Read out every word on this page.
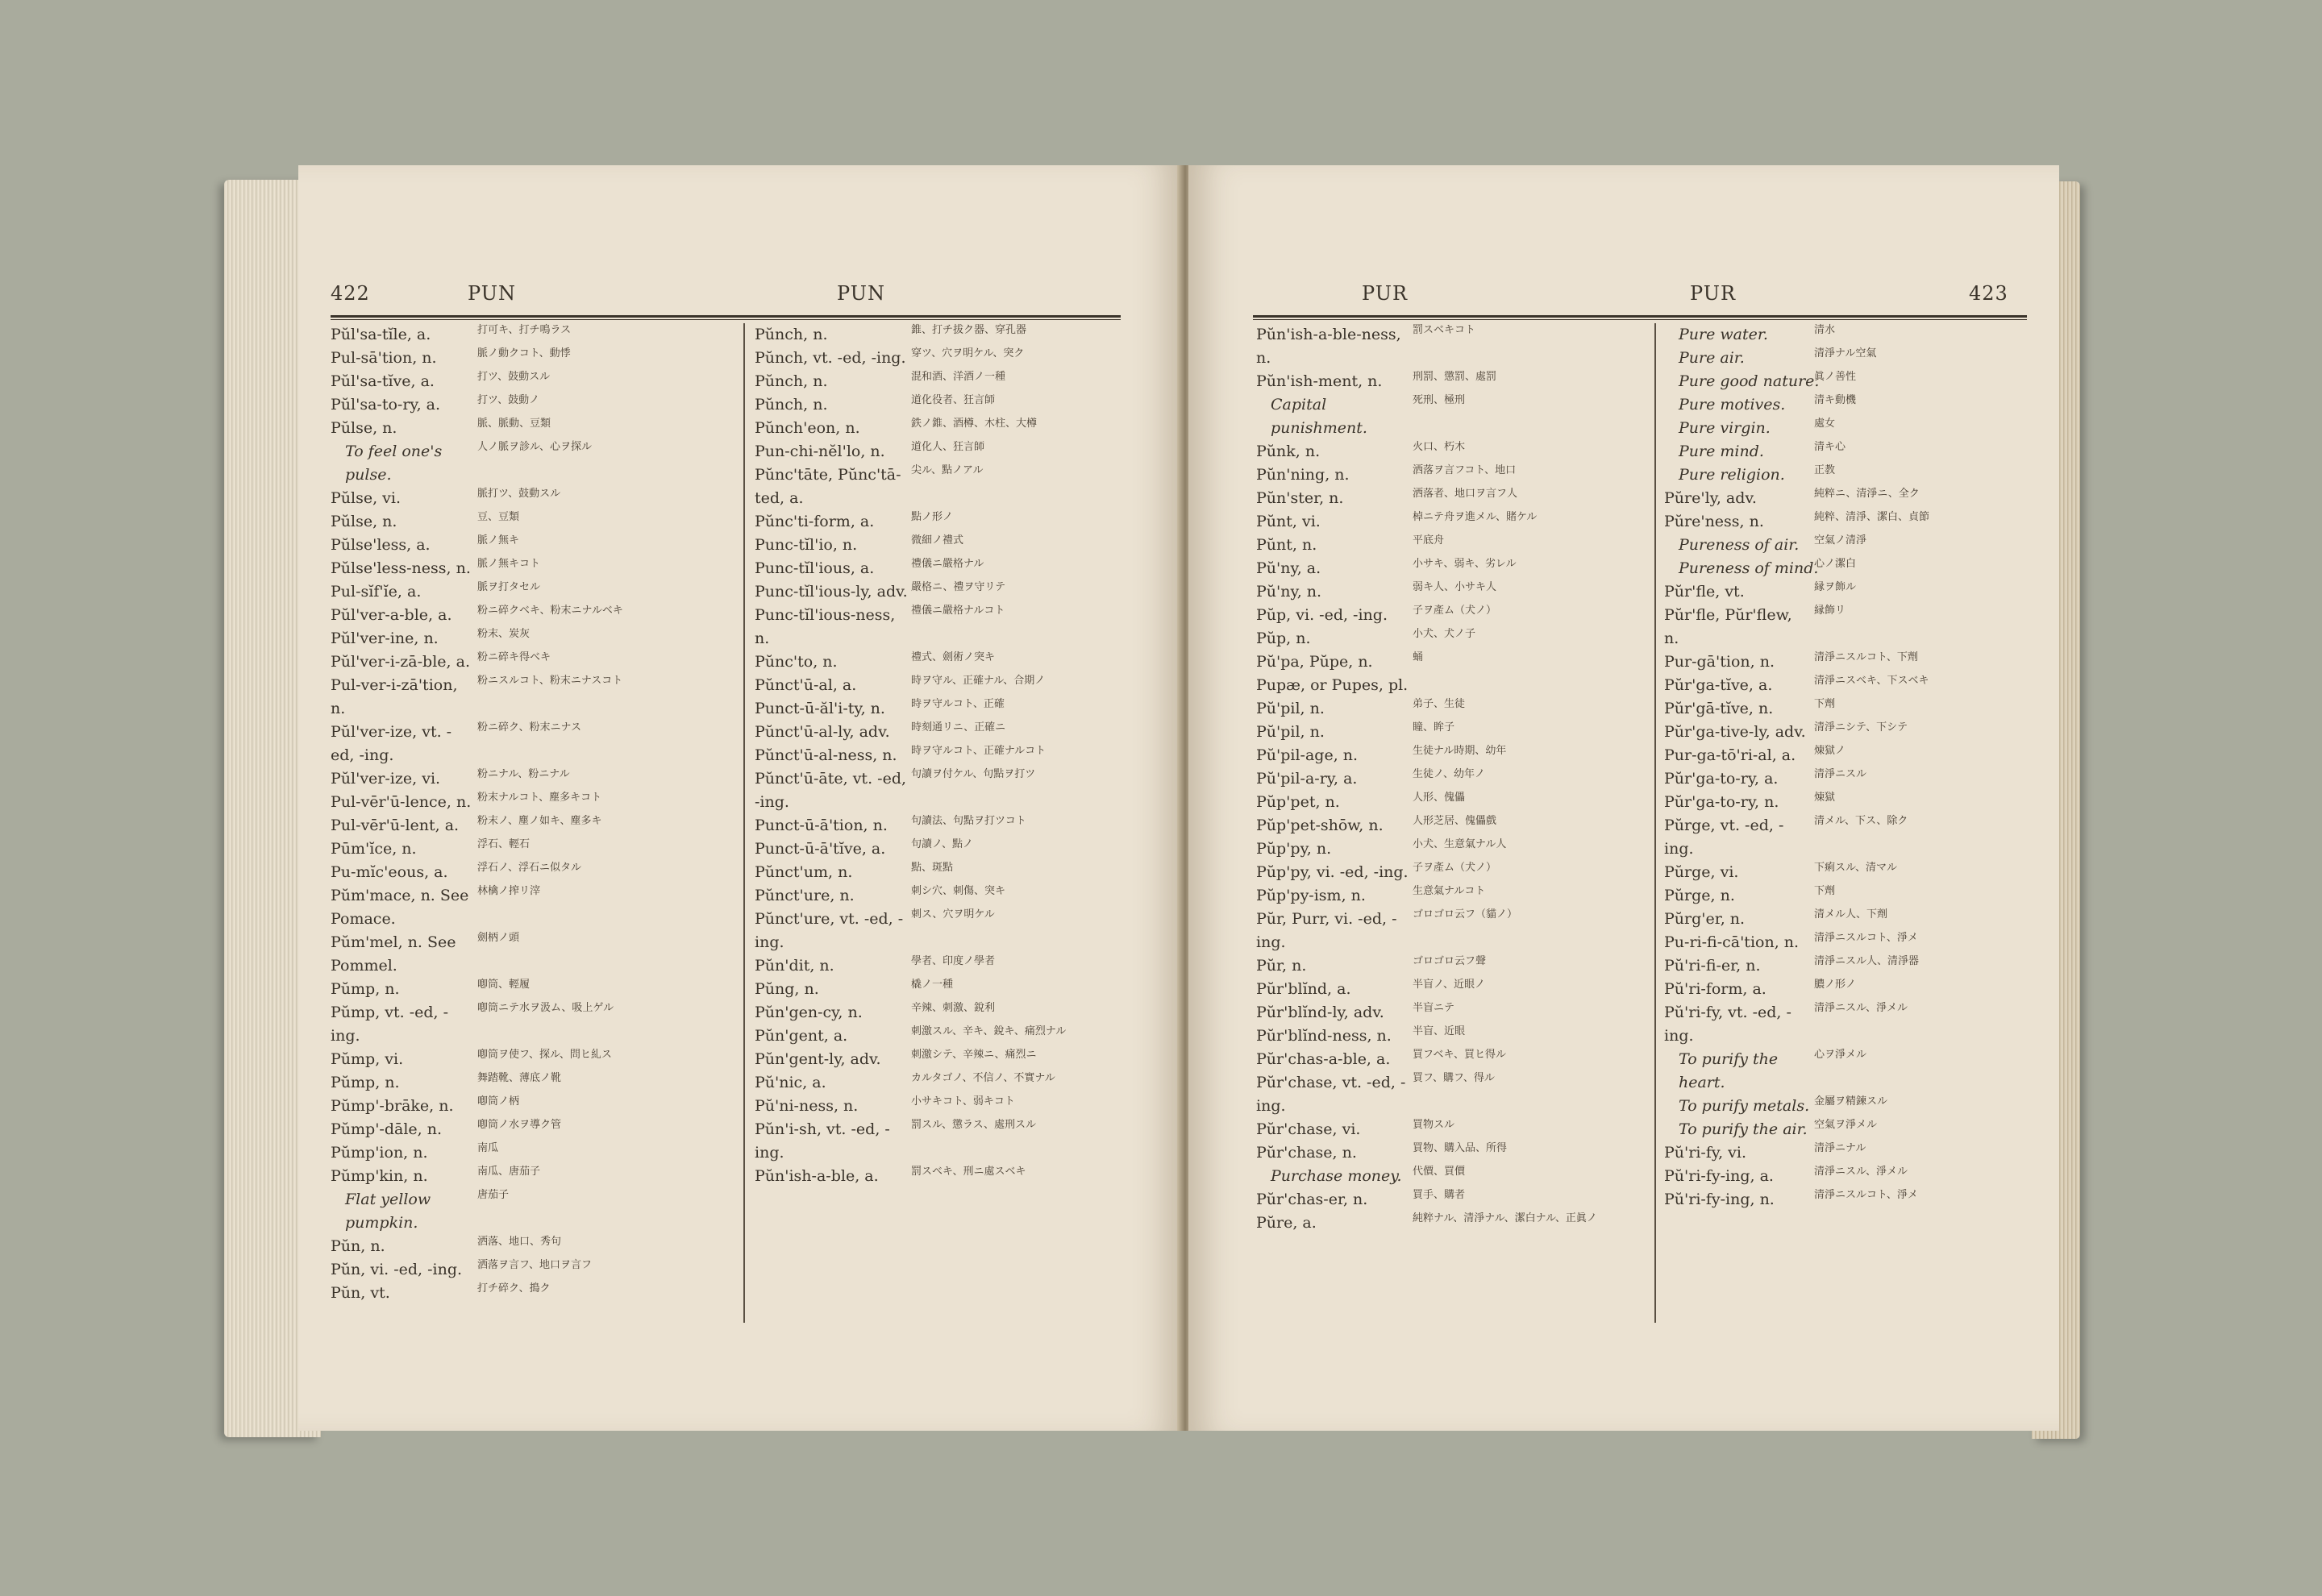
422	PUN	PUN
Pŭl'sa-tĭle, a.	打可キ、打チ鳴ラス
Pul-sā'tion, n.	脈ノ動クコト、動悸
Pŭl'sa-tĭve, a.	打ツ、鼓動スル
Pŭl'sa-to-ry, a.	打ツ、鼓動ノ
Pŭlse, n.	脈、脈動、豆類
To feel one's pulse.
人ノ脈ヲ診ル、心ヲ探ル
Pŭlse, vi.	脈打ツ、鼓動スル
Pŭlse, n.	豆、豆類
Pŭlse'less, a.	脈ノ無キ
Pŭlse'less-ness, n. 脈ノ無キコト
Pul-sĭf'ĭe, a.	脈ヲ打タセル
Pŭl'ver-a-ble, a. 粉ニ碎クベキ、粉末ニナルベキ
Pŭl'ver-ine, n.	粉末、炭灰
Pŭl'ver-i-zā-ble, a. 粉ニ碎キ得ベキ
Pul-ver-i-zā'tion, n.
粉ニスルコト、粉末ニナスコト
Pŭl'ver-ize, vt. -ed, -ing.
粉ニ碎ク、粉末ニナス
Pŭl'ver-ize, vi.	粉ニナル、粉ニナル
Pul-vēr'ū-lence, n. 粉末ナルコト、塵多キコト
Pul-vēr'ū-lent, a. 粉末ノ、塵ノ如キ、塵多キ
Pūm'ĭce, n.	浮石、輕石
Pu-mĭc'eous, a.	浮石ノ、浮石ニ似タル
Pŭm'mace, n. See Pomace.
林檎ノ搾リ滓
Pŭm'mel, n. See Pommel.
劍柄ノ頭
Pŭmp, n.	喞筒、輕履
Pŭmp, vt. -ed, -ing.
喞筒ニテ水ヲ汲ム、吸上ゲル
Pŭmp, vi.	喞筒ヲ使フ、探ル、問ヒ糺ス
Pŭmp, n.	舞踏靴、薄底ノ靴
Pŭmp'-brāke, n. 喞筒ノ柄
Pŭmp'-dāle, n.	喞筒ノ水ヲ導ク管
Pŭmp'ion, n.	南瓜
Pŭmp'kin, n.	南瓜、唐茄子
Flat yellow pumpkin.
唐茄子
Pŭn, n.	洒落、地口、秀句
Pŭn, vi. -ed, -ing. 洒落ヲ言フ、地口ヲ言フ
Pŭn, vt.	打チ碎ク、搗ク
Pŭnch, n.	錐、打チ拔ク器、穿孔器
Pŭnch, vt. -ed, -ing. 穿ツ、穴ヲ明ケル、突ク
Pŭnch, n.	混和酒、洋酒ノ一種
Pŭnch, n.	道化役者、狂言師
Pŭnch'eon, n.	鉄ノ錐、酒樽、木柱、大樽
Pun-chi-nĕl'lo, n. 道化人、狂言師
Pŭnc'tāte, Pŭnc'tā-ted, a.
尖ル、點ノアル
Pŭnc'ti-form, a.	點ノ形ノ
Punc-tĭl'io, n.	微細ノ禮式
Punc-tĭl'ious, a.	禮儀ニ嚴格ナル
Punc-tĭl'ious-ly, adv. 嚴格ニ、禮ヲ守リテ
Punc-tĭl'ious-ness, n.
禮儀ニ嚴格ナルコト
Pŭnc'to, n.	禮式、劍術ノ突キ
Pŭnct'ū-al, a.	時ヲ守ル、正確ナル、合期ノ
Punct-ū-ăl'i-ty, n. 時ヲ守ルコト、正確
Pŭnct'ū-al-ly, adv. 時刻通リニ、正確ニ
Pŭnct'ū-al-ness, n. 時ヲ守ルコト、正確ナルコト
Pŭnct'ū-āte, vt. -ed, -ing.
句讀ヲ付ケル、句點ヲ打ツ
Punct-ū-ā'tion, n. 句讀法、句點ヲ打ツコト
Punct-ū-ā'tĭve, a. 句讀ノ、點ノ
Pŭnct'um, n.	點、斑點
Pŭnct'ure, n.	刺シ穴、刺傷、突キ
Pŭnct'ure, vt. -ed, -ing.
刺ス、穴ヲ明ケル
Pŭn'dit, n.	學者、印度ノ學者
Pŭng, n.	橇ノ一種
Pŭn'gen-cy, n.	辛辣、刺激、銳利
Pŭn'gent, a.	刺激スル、辛キ、銳キ、痛烈ナル
Pŭn'gent-ly, adv.	刺激シテ、辛辣ニ、痛烈ニ
Pŭ'nic, a.	カルタゴノ、不信ノ、不實ナル
Pŭ'ni-ness, n.	小サキコト、弱キコト
Pŭn'i-sh, vt. -ed, -ing.
罰スル、懲ラス、處刑スル
Pŭn'ish-a-ble, a.	罰スベキ、刑ニ處スベキ
PUR	PUR	423
Pŭn'ish-a-ble-ness, n.
罰スベキコト
Pŭn'ish-ment, n.	刑罰、懲罰、處罰
Capital punishment.
死刑、極刑
Pŭnk, n.	火口、朽木
Pŭn'ning, n.	洒落ヲ言フコト、地口
Pŭn'ster, n.	洒落者、地口ヲ言フ人
Pŭnt, vi.	棹ニテ舟ヲ進メル、賭ケル
Pŭnt, n.	平底舟
Pŭ'ny, a.	小サキ、弱キ、劣レル
Pŭ'ny, n.	弱キ人、小サキ人
Pŭp, vi. -ed, -ing. 子ヲ產ム（犬ノ）
Pŭp, n.	小犬、犬ノ子
Pŭ'pa, Pŭpe, n. Pupæ, or Pupes, pl.
蛹
Pŭ'pil, n.	弟子、生徒
Pŭ'pil, n.	瞳、眸子
Pŭ'pil-age, n.	生徒ナル時期、幼年
Pŭ'pil-a-ry, a.	生徒ノ、幼年ノ
Pŭp'pet, n.	人形、傀儡
Pŭp'pet-shōw, n.	人形芝居、傀儡戲
Pŭp'py, n.	小犬、生意氣ナル人
Pŭp'py, vi. -ed, -ing. 子ヲ產ム（犬ノ）
Pŭp'py-ism, n.	生意氣ナルコト
Pŭr, Purr, vi. -ed, -ing.
ゴロゴロ云フ（貓ノ）
Pŭr, n.	ゴロゴロ云フ聲
Pŭr'blĭnd, a.	半盲ノ、近眼ノ
Pŭr'blĭnd-ly, adv.	半盲ニテ
Pŭr'blĭnd-ness, n. 半盲、近眼
Pŭr'chas-a-ble, a. 買フベキ、買ヒ得ル
Pŭr'chase, vt. -ed, -ing.
買フ、購フ、得ル
Pŭr'chase, vi.	買物スル
Pŭr'chase, n.	買物、購入品、所得
Purchase money. 代價、買價
Pŭr'chas-er, n.	買手、購者
Pŭre, a.	純粹ナル、清淨ナル、潔白ナル、正眞ノ
Pure water.	清水
Pure air.	清淨ナル空氣
Pure good nature.
眞ノ善性
Pure motives.	清キ動機
Pure virgin.	處女
Pure mind.	清キ心
Pure religion.	正教
Pŭre'ly, adv.	純粹ニ、清淨ニ、全ク
Pŭre'ness, n.	純粹、清淨、潔白、貞節
Pureness of air. 空氣ノ清淨
Pureness of mind.
心ノ潔白
Pŭr'fle, vt.	縁ヲ飾ル
Pŭr'fle, Pŭr'flew, n.
縁飾リ
Pur-gā'tion, n.	清淨ニスルコト、下劑
Pŭr'ga-tĭve, a.	清淨ニスベキ、下スベキ
Pŭr'gā-tĭve, n.	下劑
Pŭr'ga-tive-ly, adv. 清淨ニシテ、下シテ
Pur-ga-tō'ri-al, a. 煉獄ノ
Pŭr'ga-to-ry, a.	清淨ニスル
Pŭr'ga-to-ry, n.	煉獄
Pŭrge, vt. -ed, -ing.
清メル、下ス、除ク
Pŭrge, vi.	下痢スル、清マル
Pŭrge, n.	下劑
Pŭrg'er, n.	清メル人、下劑
Pu-ri-fi-cā'tion, n. 清淨ニスルコト、淨メ
Pŭ'ri-fi-er, n.	清淨ニスル人、清淨器
Pŭ'ri-form, a.	膿ノ形ノ
Pŭ'ri-fy, vt. -ed, -ing.
清淨ニスル、淨メル
To purify the heart.
心ヲ淨メル
To purify metals. 金屬ヲ精鍊スル
To purify the air. 空氣ヲ淨メル
Pŭ'ri-fy, vi.	清淨ニナル
Pŭ'ri-fy-ing, a.	清淨ニスル、淨メル
Pŭ'ri-fy-ing, n.	清淨ニスルコト、淨メ
